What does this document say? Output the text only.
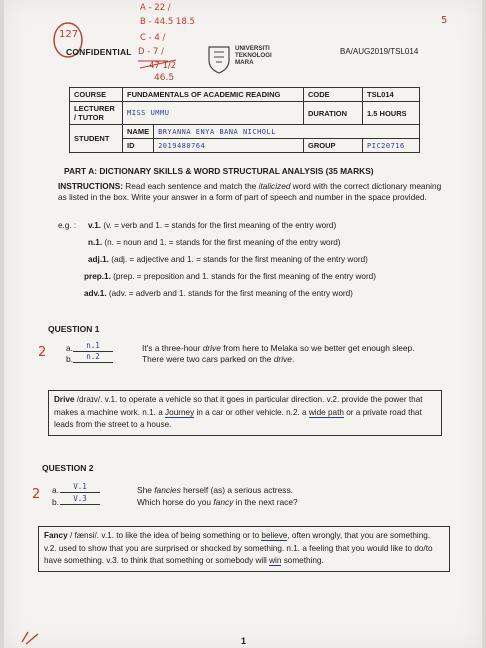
127
A - 22 /
B - 44.5 18.5
C - 4 /
D - 7 /
47 1/2
46.5
5
CONFIDENTIAL	UNIVERSITI
TEKNOLOGI
MARA
BA/AUG2019/TSL014
COURSE	FUNDAMENTALS OF ACADEMIC READING		CODE	TSL014
LECTURER / TUTOR	MISS UMMU		DURATION	1.5 HOURS
STUDENT	NAME	BRYANNA ENYA BANA NICHOLL		
	ID	2019480764	GROUP	PIC20716
PART A: DICTIONARY SKILLS & WORD STRUCTURAL ANALYSIS (35 MARKS)
INSTRUCTIONS: Read each sentence and match the italicized word with the correct dictionary meaning as listed in the box. Write your answer in a form of part of speech and number in the space provided.
e.g. : v.1. (v. = verb and 1. = stands for the first meaning of the entry word)
n.1. (n. = noun and 1. = stands for the first meaning of the entry word)
adj.1. (adj. = adjective and 1. = stands for the first meaning of the entry word)
prep.1. (prep. = preposition and 1. stands for the first meaning of the entry word)
adv.1. (adv. = adverb and 1. stands for the first meaning of the entry word)
QUESTION 1
2 a.	n.1	It's a three-hour drive from here to Melaka so we better get enough sleep.
b.	n.2	There were two cars parked on the drive.
Drive /draɪv/. v.1. to operate a vehicle so that it goes in particular direction. v.2. provide the power that makes a machine work. n.1. a Journey in a car or other vehicle. n.2. a wide path or a private road that leads from the street to a house.
QUESTION 2
2 a.	V.1	She fancies herself (as) a serious actress.
b.	V.3	Which horse do you fancy in the next race?
Fancy / fænsi/. v.1. to like the idea of being something or to believe, often wrongly, that you are something. v.2. used to show that you are surprised or shocked by something. n.1. a feeling that you would like to do/to have something. v.3. to think that something or somebody will win something.
1
